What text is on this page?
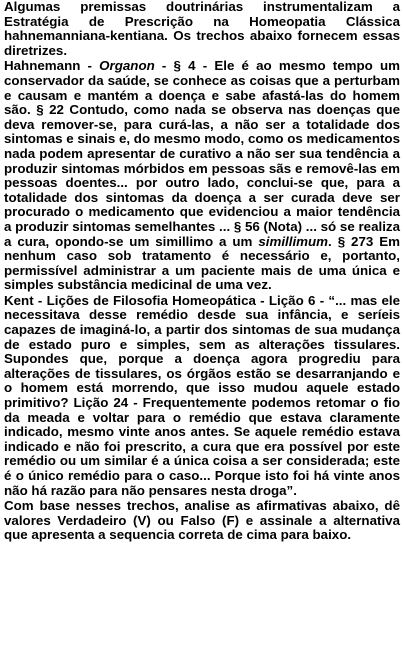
Algumas premissas doutrinárias instrumentalizam a Estratégia de Prescrição na Homeopatia Clássica hahnemanniana-kentiana. Os trechos abaixo fornecem essas diretrizes.

Hahnemann - Organon - § 4 - Ele é ao mesmo tempo um conservador da saúde, se conhece as coisas que a perturbam e causam e mantém a doença e sabe afastá-las do homem são. § 22 Contudo, como nada se observa nas doenças que deva remover-se, para curá-las, a não ser a totalidade dos sintomas e sinais e, do mesmo modo, como os medicamentos nada podem apresentar de curativo a não ser sua tendência a produzir sintomas mórbidos em pessoas sãs e removê-las em pessoas doentes... por outro lado, conclui-se que, para a totalidade dos sintomas da doença a ser curada deve ser procurado o medicamento que evidenciou a maior tendência a produzir sintomas semelhantes ... § 56 (Nota) ... só se realiza a cura, opondo-se um simillimo a um simillimum. § 273 Em nenhum caso sob tratamento é necessário e, portanto, permissível administrar a um paciente mais de uma única e simples substância medicinal de uma vez.

Kent - Lições de Filosofia Homeopática - Lição 6 - “... mas ele necessitava desse remédio desde sua infância, e seríeis capazes de imaginá-lo, a partir dos sintomas de sua mudança de estado puro e simples, sem as alterações tissulares. Supondes que, porque a doença agora progrediu para alterações de tissulares, os órgãos estão se desarranjando e o homem está morrendo, que isso mudou aquele estado primitivo? Lição 24 - Frequentemente podemos retomar o fio da meada e voltar para o remédio que estava claramente indicado, mesmo vinte anos antes. Se aquele remédio estava indicado e não foi prescrito, a cura que era possível por este remédio ou um similar é a única coisa a ser considerada; este é o único remédio para o caso... Porque isto foi há vinte anos não há razão para não pensares nesta droga”.

Com base nesses trechos, analise as afirmativas abaixo, dê valores Verdadeiro (V) ou Falso (F) e assinale a alternativa que apresenta a sequencia correta de cima para baixo.
